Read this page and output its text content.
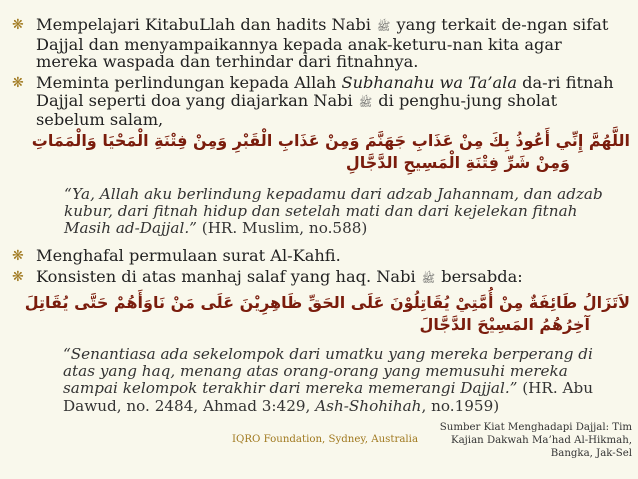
❋ Mempelajari KitabuLlah dan hadits Nabi ﷺ yang terkait de-ngan sifat Dajjal dan menyampaikannya kepada anak-keturu-nan kita agar mereka waspada dan terhindar dari fitnahnya.
❋ Meminta perlindungan kepada Allah Subhanahu wa Ta’ala da-ri fitnah Dajjal seperti doa yang diajarkan Nabi ﷺ di penghu-jung sholat sebelum salam,
اللَّهُمَّ إِنِّي أَعُوذُ بِكَ مِنْ عَذَابِ جَهَنَّمَ وَمِنْ عَذَابِ الْقَبْرِ وَمِنْ فِتْنَةِ الْمَحْيَا وَالْمَمَاتِ
وَمِنْ شَرِّ فِتْنَةِ الْمَسِيحِ الدَّجَّالِ
“Ya, Allah aku berlindung kepadamu dari adzab Jahannam, dan adzab kubur, dari fitnah hidup dan setelah mati dan dari kejelekan fitnah Masih ad-Dajjal.” (HR. Muslim, no.588)
❋ Menghafal permulaan surat Al-Kahfi.
❋ Konsisten di atas manhaj salaf yang haq. Nabi ﷺ bersabda:
لاَتَزَالُ طَائِفَةٌ مِنْ أُمَّتِيْ يُقَاتِلُوْنَ عَلَى الحَقِّ ظَاهِرِيْنَ عَلَى مَنْ نَاوَأَهُمْ حَتَّى يُقَاتِلَ
آخِرُهُمُ المَسِيْحَ الدَّجَّالَ
“Senantiasa ada sekelompok dari umatku yang mereka berperang di atas yang haq, menang atas orang-orang yang memusuhi mereka sampai kelompok terakhir dari mereka memerangi Dajjal.” (HR. Abu Dawud, no. 2484, Ahmad 3:429, Ash-Shohihah, no.1959)
IQRO Foundation, Sydney, Australia
Sumber Kiat Menghadapi Dajjal: Tim Kajian Dakwah Ma’had Al-Hikmah, Bangka, Jak-Sel
